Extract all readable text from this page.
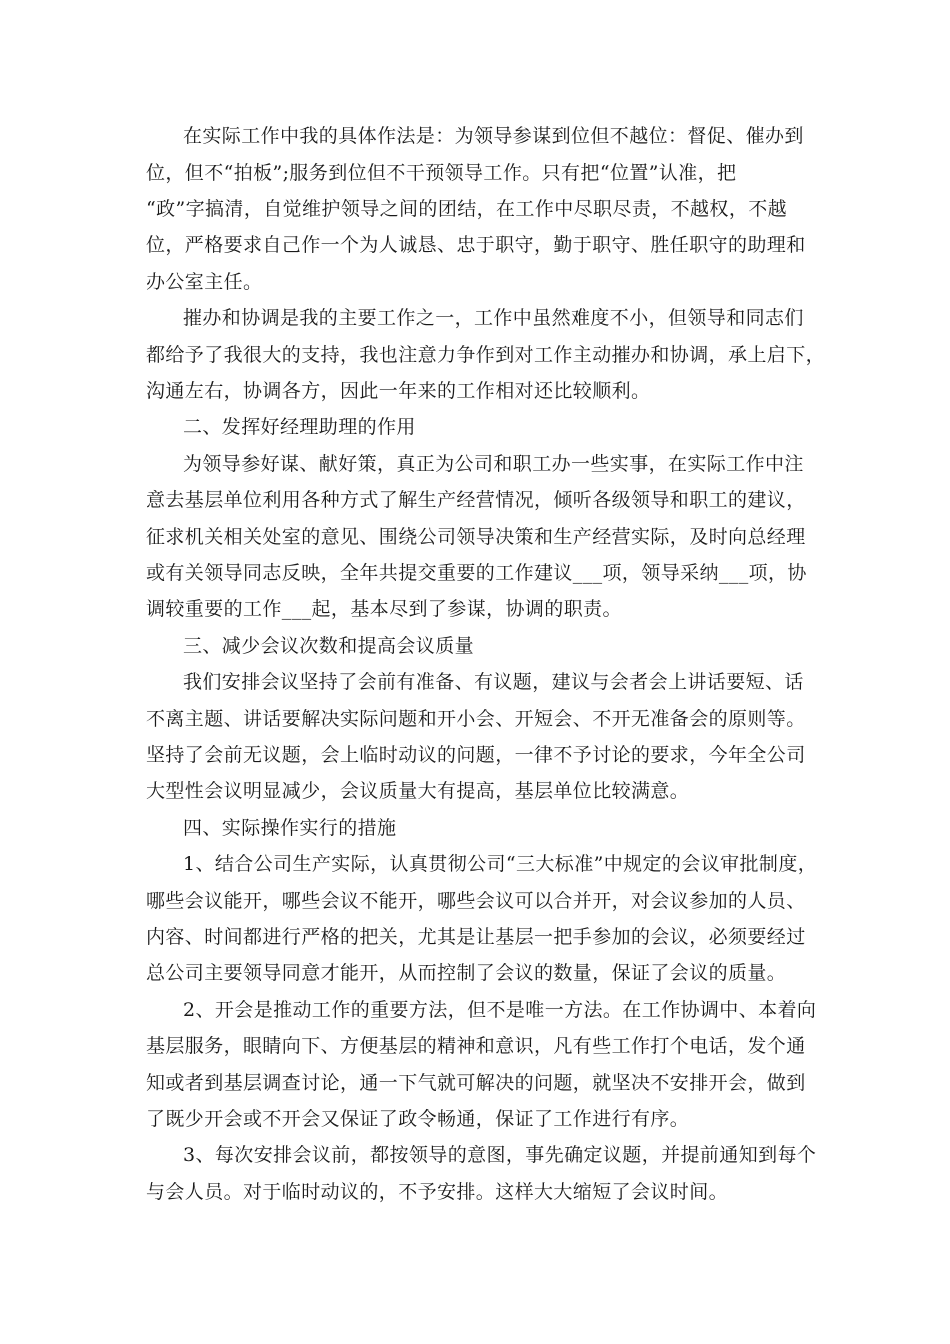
在实际工作中我的具体作法是：为领导参谋到位但不越位：督促、催办到
位，但不“拍板”;服务到位但不干预领导工作。只有把“位置”认准，把
“政”字搞清，自觉维护领导之间的团结，在工作中尽职尽责，不越权，不越
位，严格要求自己作一个为人诚恳、忠于职守，勤于职守、胜任职守的助理和
办公室主任。
摧办和协调是我的主要工作之一，工作中虽然难度不小，但领导和同志们
都给予了我很大的支持，我也注意力争作到对工作主动摧办和协调，承上启下，
沟通左右，协调各方，因此一年来的工作相对还比较顺利。
二、发挥好经理助理的作用
为领导参好谋、献好策，真正为公司和职工办一些实事，在实际工作中注
意去基层单位利用各种方式了解生产经营情况，倾听各级领导和职工的建议，
征求机关相关处室的意见、围绕公司领导决策和生产经营实际，及时向总经理
或有关领导同志反映，全年共提交重要的工作建议___项，领导采纳___项，协
调较重要的工作___起，基本尽到了参谋，协调的职责。
三、减少会议次数和提高会议质量
我们安排会议坚持了会前有准备、有议题，建议与会者会上讲话要短、话
不离主题、讲话要解决实际问题和开小会、开短会、不开无准备会的原则等。
坚持了会前无议题，会上临时动议的问题，一律不予讨论的要求，今年全公司
大型性会议明显减少，会议质量大有提高，基层单位比较满意。
四、实际操作实行的措施
1、结合公司生产实际，认真贯彻公司“三大标准”中规定的会议审批制度，
哪些会议能开，哪些会议不能开，哪些会议可以合并开，对会议参加的人员、
内容、时间都进行严格的把关，尤其是让基层一把手参加的会议，必须要经过
总公司主要领导同意才能开，从而控制了会议的数量，保证了会议的质量。
2、开会是推动工作的重要方法，但不是唯一方法。在工作协调中、本着向
基层服务，眼睛向下、方便基层的精神和意识，凡有些工作打个电话，发个通
知或者到基层调查讨论，通一下气就可解决的问题，就坚决不安排开会，做到
了既少开会或不开会又保证了政令畅通，保证了工作进行有序。
3、每次安排会议前，都按领导的意图，事先确定议题，并提前通知到每个
与会人员。对于临时动议的，不予安排。这样大大缩短了会议时间。
